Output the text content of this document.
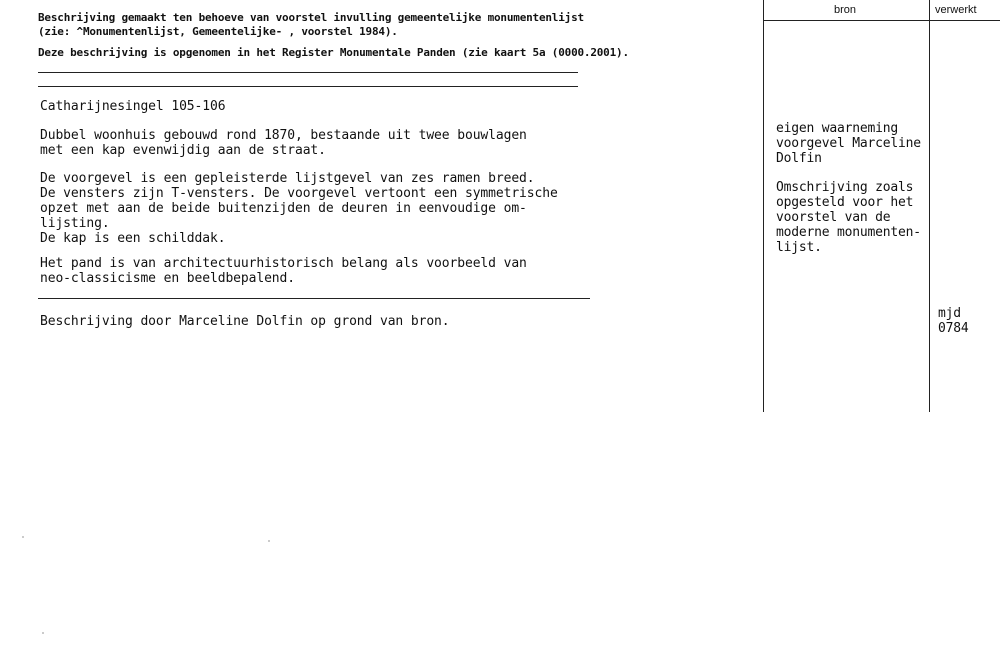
Beschrijving gemaakt ten behoeve van voorstel invulling gemeentelijke monumentenlijst
(zie: ^Monumentenlijst, Gemeentelijke- , voorstel 1984).
Deze beschrijving is opgenomen in het Register Monumentale Panden (zie kaart 5a (0000.2001).
Catharijnesingel 105-106
Dubbel woonhuis gebouwd rond 1870, bestaande uit twee bouwlagen
met een kap evenwijdig aan de straat.
De voorgevel is een gepleisterde lijstgevel van zes ramen breed.
De vensters zijn T-vensters. De voorgevel vertoont een symmetrische
opzet met aan de beide buitenzijden de deuren in eenvoudige om-
lijsting.
De kap is een schilddak.
Het pand is van architectuurhistorisch belang als voorbeeld van
neo-classicisme en beeldbepalend.
Beschrijving door Marceline Dolfin op grond van bron.
bron	verwerkt
eigen waarneming
voorgevel Marceline
Dolfin
Omschrijving zoals
opgesteld voor het
voorstel van de
moderne monumenten-
lijst.
mjd
0784
